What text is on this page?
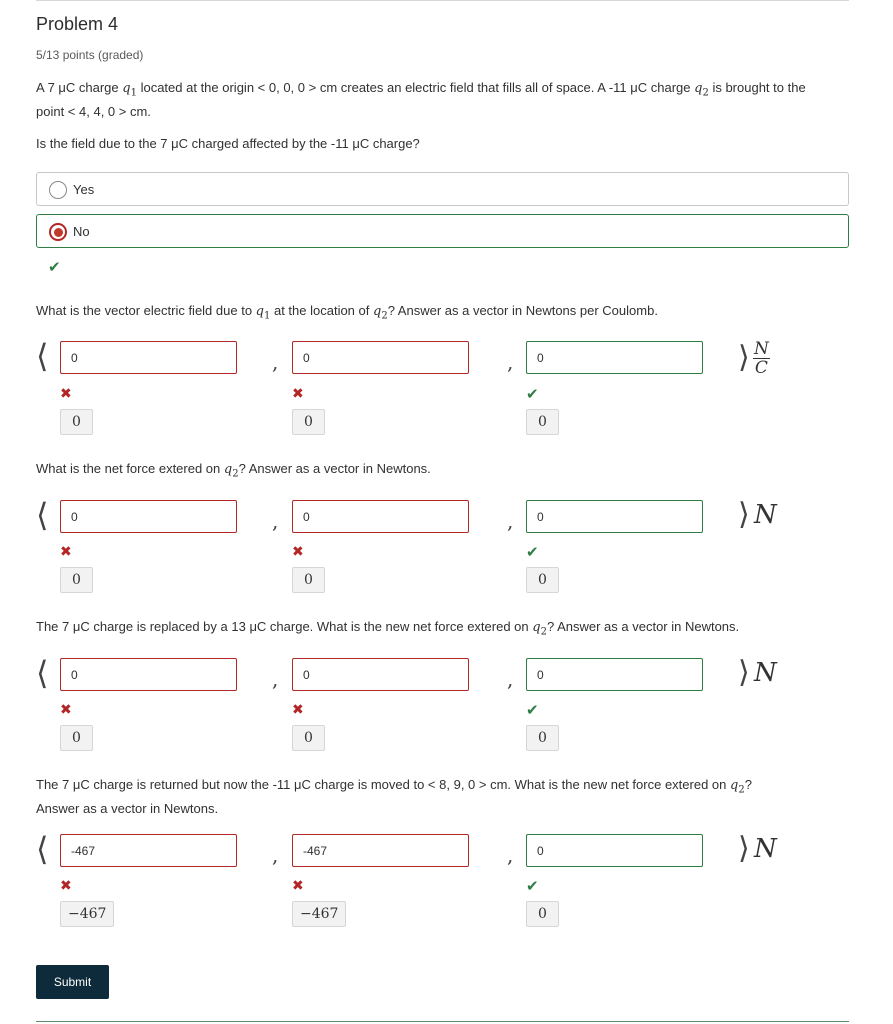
Problem 4
5/13 points (graded)
A 7 μC charge $q_1$ located at the origin < 0, 0, 0 > cm creates an electric field that fills all of space. A -11 μC charge $q_2$ is brought to the point < 4, 4, 0 > cm.
Is the field due to the 7 μC charged affected by the -11 μC charge?
Yes
No
✔
What is the vector electric field due to $q_1$ at the location of $q_2$? Answer as a vector in Newtons per Coulomb.
⟨
0	,
0	,
0	⟩ $\frac{N}{C}$
✖	✖	✔
0	0	0
What is the net force extered on $q_2$? Answer as a vector in Newtons.
⟨
0	,
0	,
0	⟩ N
✖	✖	✔
0	0	0
The 7 μC charge is replaced by a 13 μC charge. What is the new net force extered on $q_2$? Answer as a vector in Newtons.
⟨
0	,
0	,
0	⟩ N
✖	✖	✔
0	0	0
The 7 μC charge is returned but now the -11 μC charge is moved to < 8, 9, 0 > cm. What is the new net force extered on $q_2$?
Answer as a vector in Newtons.
⟨
-467	,
-467	,
0	⟩ N
✖	✖	✔
−467	−467	0
Submit
